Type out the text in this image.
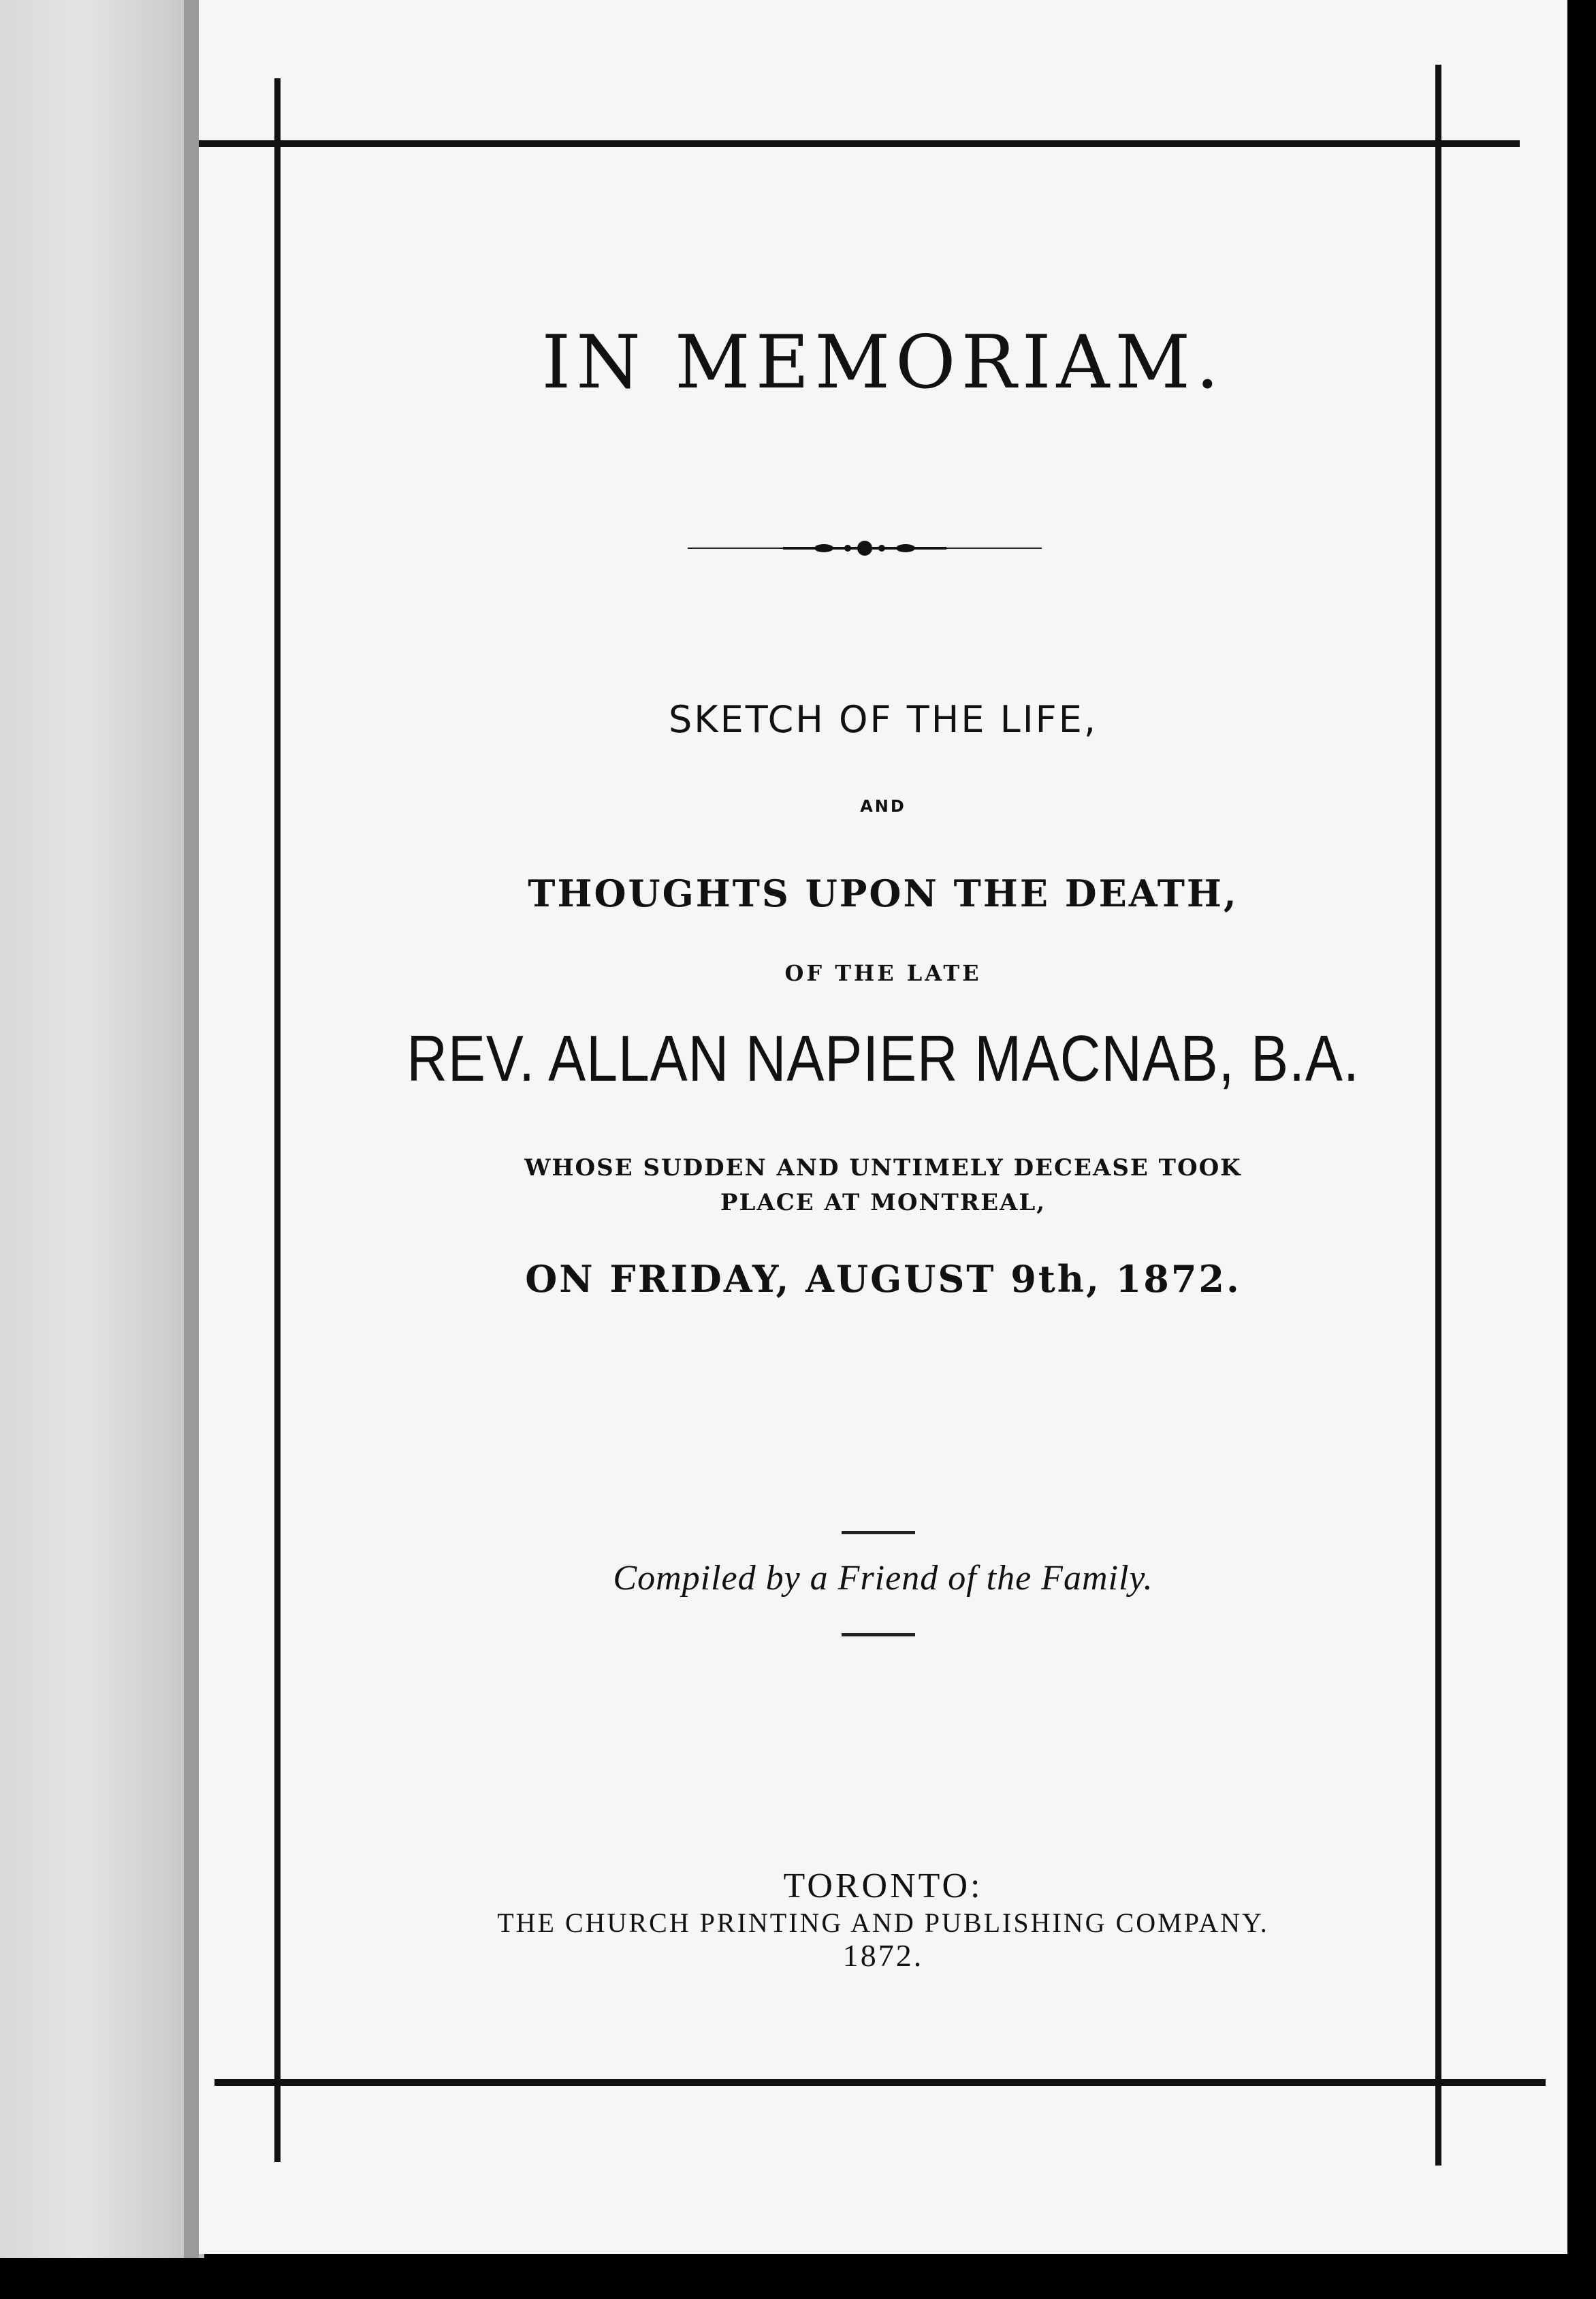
IN MEMORIAM.
SKETCH OF THE LIFE,
AND
THOUGHTS UPON THE DEATH,
OF THE LATE
REV. ALLAN NAPIER MACNAB, B.A.
WHOSE SUDDEN AND UNTIMELY DECEASE TOOK
PLACE AT MONTREAL,
ON FRIDAY, AUGUST 9th, 1872.
Compiled by a Friend of the Family.
TORONTO:
THE CHURCH PRINTING AND PUBLISHING COMPANY.
1872.
